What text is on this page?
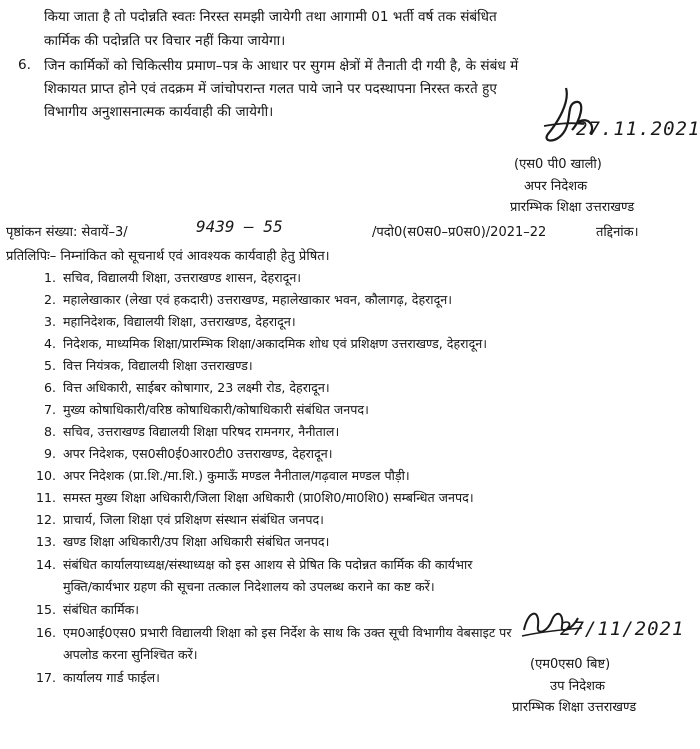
किया जाता है तो पदोन्नति स्वतः निरस्त समझी जायेगी तथा आगामी 01 भर्ती वर्ष तक संबंधित
कार्मिक की पदोन्नति पर विचार नहीं किया जायेगा।
6. जिन कार्मिकों को चिकित्सीय प्रमाण–पत्र के आधार पर सुगम क्षेत्रों में तैनाती दी गयी है, के संबंध में
शिकायत प्राप्त होने एवं तदक्रम में जांचोपरान्त गलत पाये जाने पर पदस्थापना निरस्त करते हुए
विभागीय अनुशासनात्मक कार्यवाही की जायेगी।
27.11.2021
(एस0 पी0 खाली)
अपर निदेशक
प्रारम्भिक शिक्षा उत्तराखण्ड
पृष्ठांकन संख्या: सेवायें–3/	9439 – 55	/पदो0(स0स0–प्र0स0)/2021–22	तद्दिनांक।
प्रतिलिपिः– निम्नांकित को सूचनार्थ एवं आवश्यक कार्यवाही हेतु प्रेषित।
1. सचिव, विद्यालयी शिक्षा, उत्तराखण्ड शासन, देहरादून।
2. महालेखाकार (लेखा एवं हकदारी) उत्तराखण्ड, महालेखाकार भवन, कौलागढ़, देहरादून।
3. महानिदेशक, विद्यालयी शिक्षा, उत्तराखण्ड, देहरादून।
4. निदेशक, माध्यमिक शिक्षा/प्रारम्भिक शिक्षा/अकादमिक शोध एवं प्रशिक्षण उत्तराखण्ड, देहरादून।
5. वित्त नियंत्रक, विद्यालयी शिक्षा उत्तराखण्ड।
6. वित्त अधिकारी, साईबर कोषागार, 23 लक्ष्मी रोड, देहरादून।
7. मुख्य कोषाधिकारी/वरिष्ठ कोषाधिकारी/कोषाधिकारी संबंधित जनपद।
8. सचिव, उत्तराखण्ड विद्यालयी शिक्षा परिषद रामनगर, नैनीताल।
9. अपर निदेशक, एस0सी0ई0आर0टी0 उत्तराखण्ड, देहरादून।
10. अपर निदेशक (प्रा.शि./मा.शि.) कुमाऊँ मण्डल नैनीताल/गढ़वाल मण्डल पौड़ी।
11. समस्त मुख्य शिक्षा अधिकारी/जिला शिक्षा अधिकारी (प्रा0शि0/मा0शि0) सम्बन्धित जनपद।
12. प्राचार्य, जिला शिक्षा एवं प्रशिक्षण संस्थान संबंधित जनपद।
13. खण्ड शिक्षा अधिकारी/उप शिक्षा अधिकारी संबंधित जनपद।
14. संबंधित कार्यालयाध्यक्ष/संस्थाध्यक्ष को इस आशय से प्रेषित कि पदोन्नत कार्मिक की कार्यभार
मुक्ति/कार्यभार ग्रहण की सूचना तत्काल निदेशालय को उपलब्ध कराने का कष्ट करें।
15. संबंधित कार्मिक।
16. एम0आई0एस0 प्रभारी विद्यालयी शिक्षा को इस निर्देश के साथ कि उक्त सूची विभागीय वेबसाइट पर
अपलोड करना सुनिश्चित करें।
17. कार्यालय गार्ड फाईल।
27/11/2021
(एम0एस0 बिष्ट)
उप निदेशक
प्रारम्भिक शिक्षा उत्तराखण्ड
